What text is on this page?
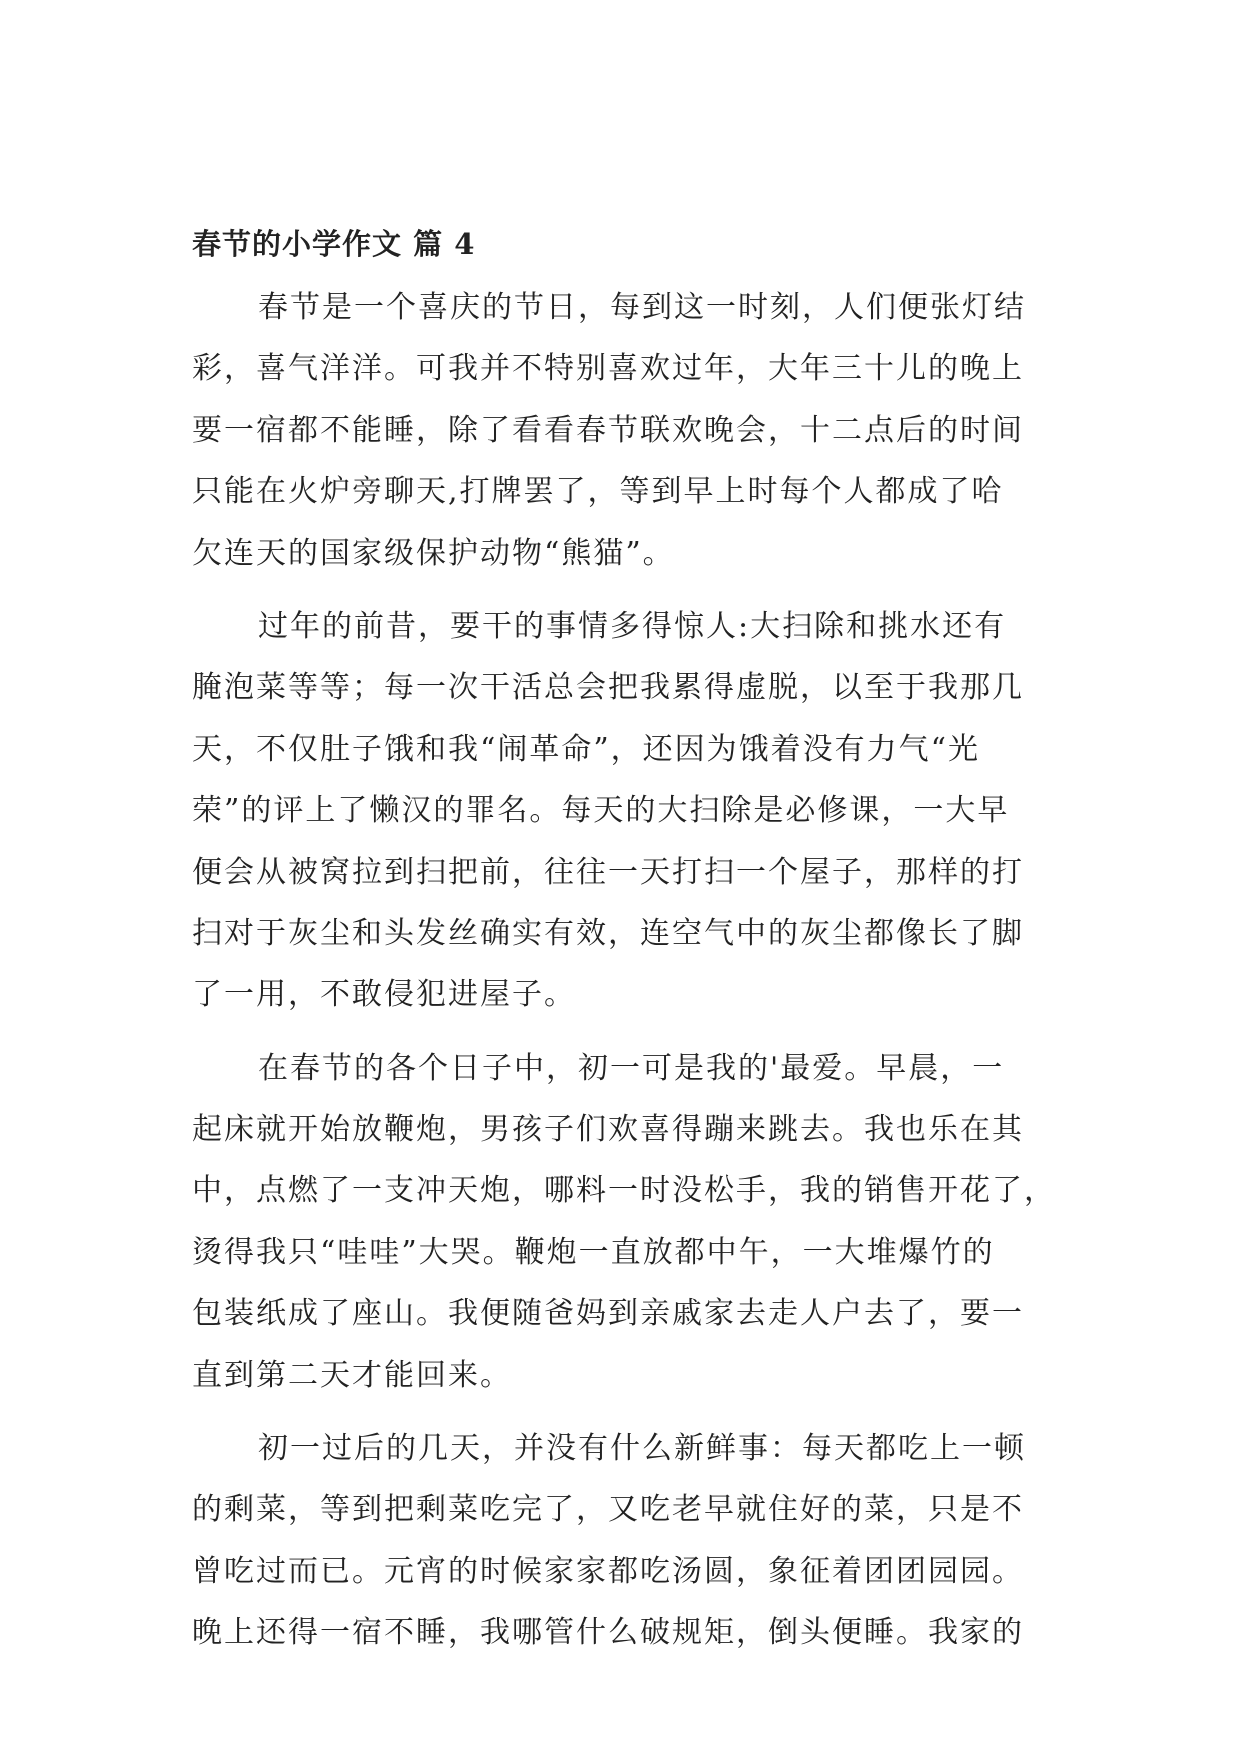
春节的小学作文 篇 4
春节是一个喜庆的节日，每到这一时刻，人们便张灯结
彩，喜气洋洋。可我并不特别喜欢过年，大年三十儿的晚上
要一宿都不能睡，除了看看春节联欢晚会，十二点后的时间
只能在火炉旁聊天,打牌罢了，等到早上时每个人都成了哈
欠连天的国家级保护动物“熊猫”。
过年的前昔，要干的事情多得惊人:大扫除和挑水还有
腌泡菜等等；每一次干活总会把我累得虚脱，以至于我那几
天，不仅肚子饿和我“闹革命”，还因为饿着没有力气“光
荣”的评上了懒汉的罪名。每天的大扫除是必修课，一大早
便会从被窝拉到扫把前，往往一天打扫一个屋子，那样的打
扫对于灰尘和头发丝确实有效，连空气中的灰尘都像长了脚
了一用，不敢侵犯进屋子。
在春节的各个日子中，初一可是我的'最爱。早晨，一
起床就开始放鞭炮，男孩子们欢喜得蹦来跳去。我也乐在其
中，点燃了一支冲天炮，哪料一时没松手，我的销售开花了，
烫得我只“哇哇”大哭。鞭炮一直放都中午，一大堆爆竹的
包装纸成了座山。我便随爸妈到亲戚家去走人户去了，要一
直到第二天才能回来。
初一过后的几天，并没有什么新鲜事：每天都吃上一顿
的剩菜，等到把剩菜吃完了，又吃老早就住好的菜，只是不
曾吃过而已。元宵的时候家家都吃汤圆，象征着团团园园。
晚上还得一宿不睡，我哪管什么破规矩，倒头便睡。我家的
